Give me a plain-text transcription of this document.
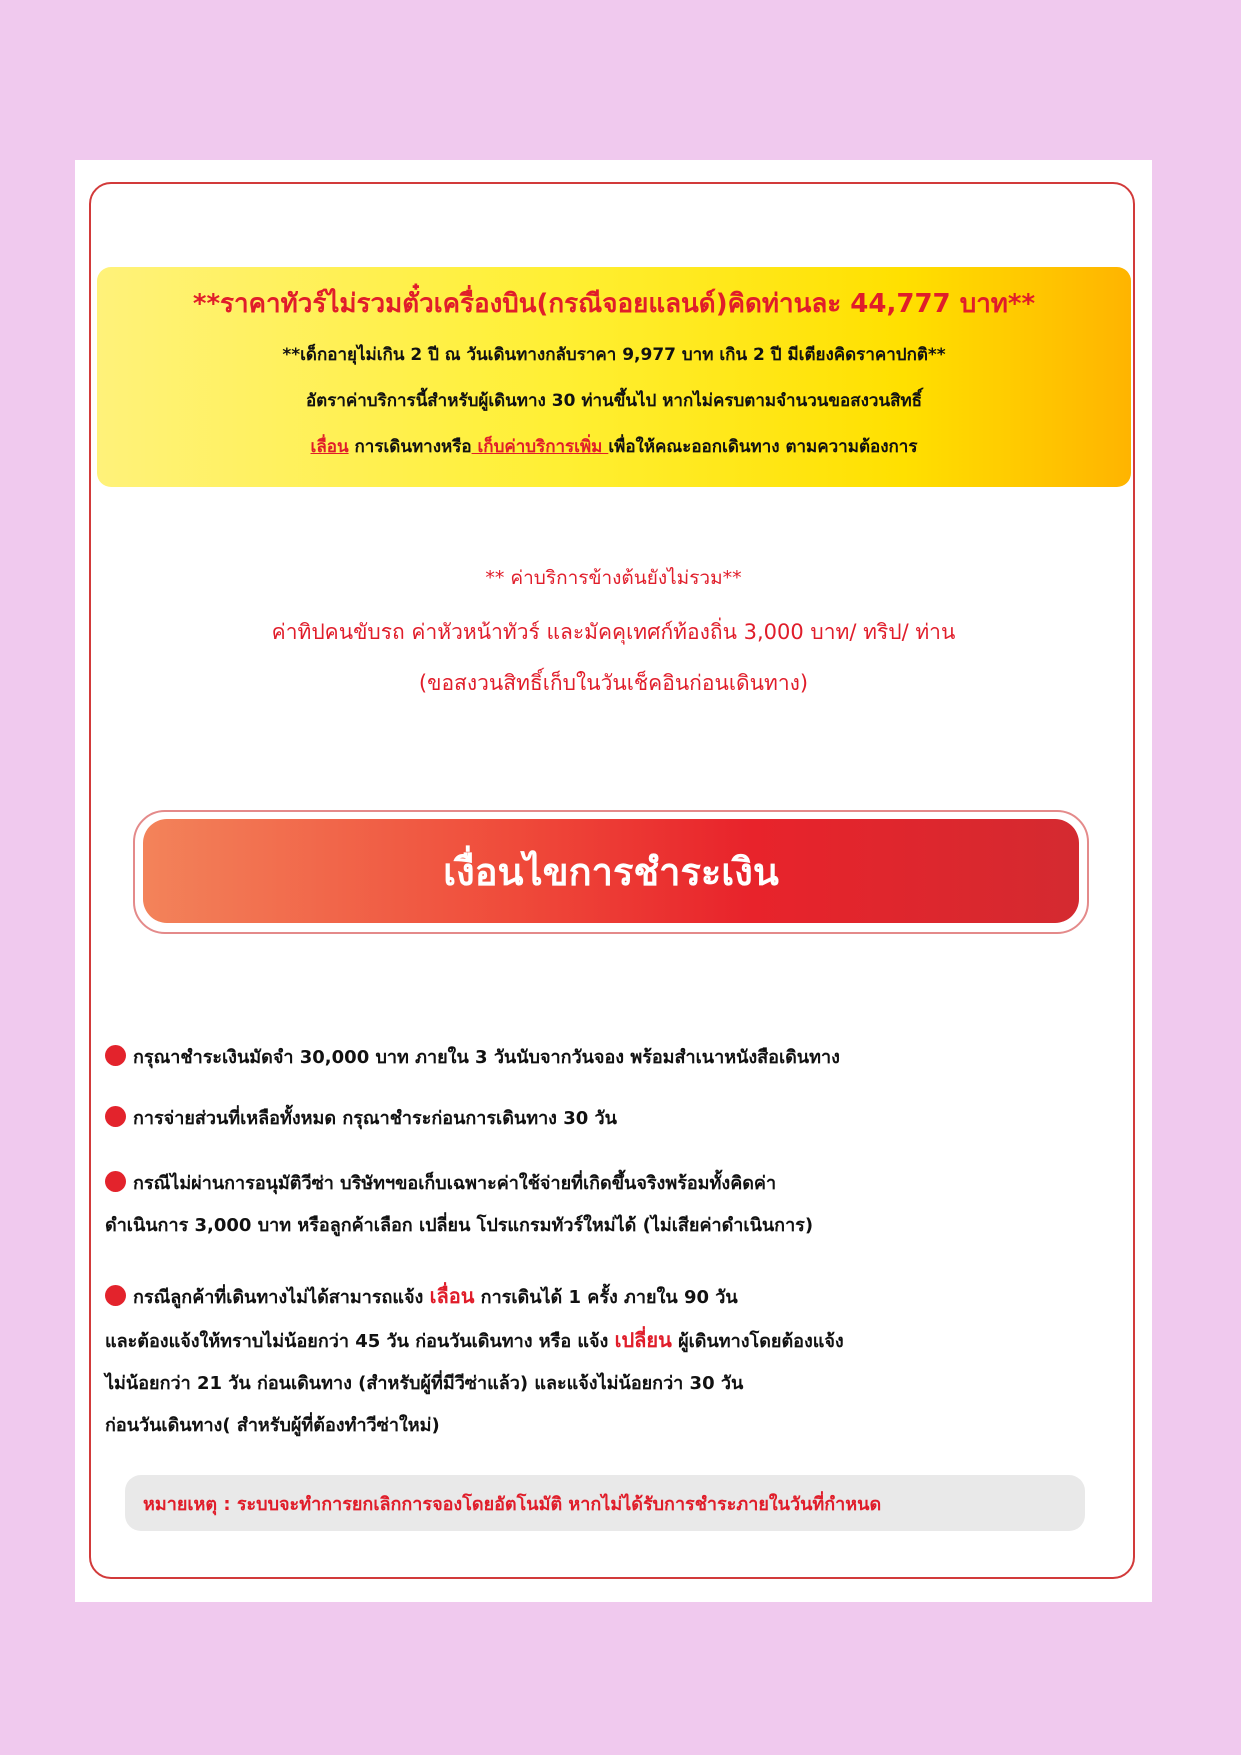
**ราคาทัวร์ไม่รวมตั๋วเครื่องบิน(กรณีจอยแลนด์)คิดท่านละ 44,777 บาท**
**เด็กอายุไม่เกิน 2 ปี ณ วันเดินทางกลับราคา 9,977 บาท เกิน 2 ปี มีเตียงคิดราคาปกติ**
อัตราค่าบริการนี้สำหรับผู้เดินทาง 30 ท่านขึ้นไป หากไม่ครบตามจำนวนขอสงวนสิทธิ์
เลื่อน การเดินทางหรือ เก็บค่าบริการเพิ่ม เพื่อให้คณะออกเดินทาง ตามความต้องการ
** ค่าบริการข้างต้นยังไม่รวม**
ค่าทิปคนขับรถ ค่าหัวหน้าทัวร์ และมัคคุเทศก์ท้องถิ่น 3,000 บาท/ ทริป/ ท่าน
(ขอสงวนสิทธิ์เก็บในวันเช็คอินก่อนเดินทาง)
เงื่อนไขการชำระเงิน
กรุณาชำระเงินมัดจำ 30,000 บาท ภายใน 3 วันนับจากวันจอง พร้อมสำเนาหนังสือเดินทาง
การจ่ายส่วนที่เหลือทั้งหมด กรุณาชำระก่อนการเดินทาง 30 วัน
กรณีไม่ผ่านการอนุมัติวีซ่า บริษัทฯขอเก็บเฉพาะค่าใช้จ่ายที่เกิดขึ้นจริงพร้อมทั้งคิดค่า
ดำเนินการ 3,000 บาท หรือลูกค้าเลือก เปลี่ยน โปรแกรมทัวร์ใหม่ได้ (ไม่เสียค่าดำเนินการ)
กรณีลูกค้าที่เดินทางไม่ได้สามารถแจ้ง เลื่อน การเดินได้ 1 ครั้ง ภายใน 90 วัน
และต้องแจ้งให้ทราบไม่น้อยกว่า 45 วัน ก่อนวันเดินทาง หรือ แจ้ง เปลี่ยน ผู้เดินทางโดยต้องแจ้ง
ไม่น้อยกว่า 21 วัน ก่อนเดินทาง (สำหรับผู้ที่มีวีซ่าแล้ว) และแจ้งไม่น้อยกว่า 30 วัน
ก่อนวันเดินทาง( สำหรับผู้ที่ต้องทำวีซ่าใหม่)
หมายเหตุ : ระบบจะทำการยกเลิกการจองโดยอัตโนมัติ หากไม่ได้รับการชำระภายในวันที่กำหนด
